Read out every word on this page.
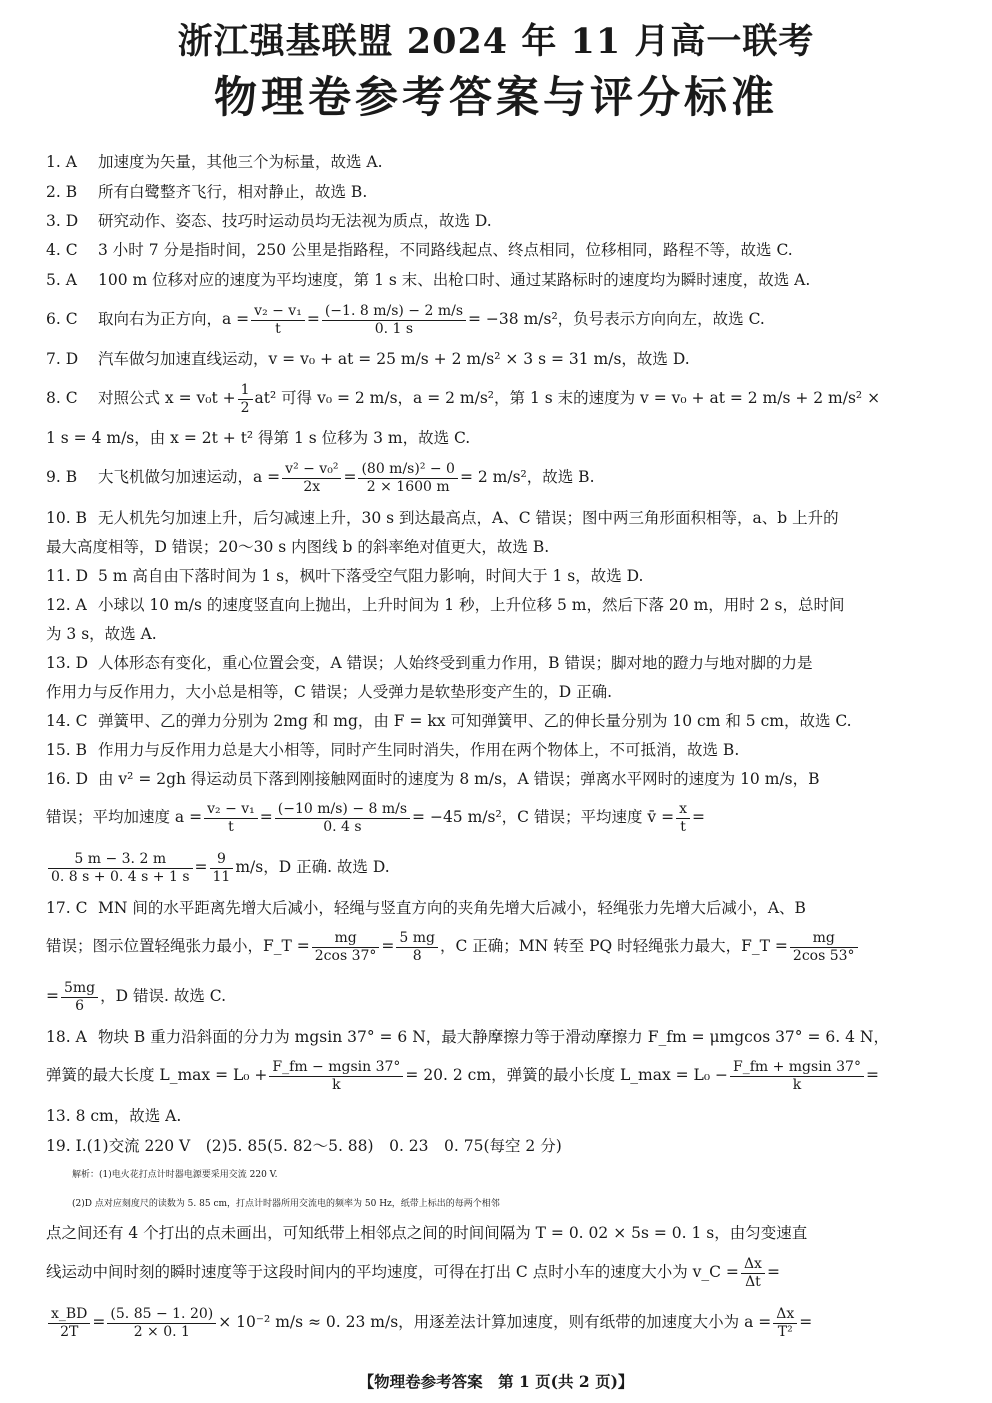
浙江强基联盟 2024 年 11 月高一联考
物理卷参考答案与评分标准
1. A 加速度为矢量，其他三个为标量，故选 A.
2. B 所有白鹭整齐飞行，相对静止，故选 B.
3. D 研究动作、姿态、技巧时运动员均无法视为质点，故选 D.
4. C 3 小时 7 分是指时间，250 公里是指路程，不同路线起点、终点相同，位移相同，路程不等，故选 C.
5. A 100 m 位移对应的速度为平均速度，第 1 s 末、出枪口时、通过某路标时的速度均为瞬时速度，故选 A.
6. C 取向右为正方向，$a = \frac{\text{v₂ − v₁}}{t} = \frac{(-1. 8 m/s) - 2 m/s}{0. 1 s} = -38$ m/s²，负号表示方向向左，故选 C.
7. D 汽车做匀加速直线运动，v = v₀ + at = 25 m/s + 2 m/s² × 3 s = 31 m/s，故选 D.
8. C 对照公式 $x = v_0t + \frac{1}{2} at^2$ 可得 v₀ = 2 m/s，a = 2 m/s²，第 1 s 末的速度为 v = v₀ + at = 2 m/s + 2 m/s² ×
1 s = 4 m/s，由 x = 2t + t² 得第 1 s 位移为 3 m，故选 C.
9. B 大飞机做匀加速运动，$a = \frac{\text{v² − v₀²}}{2x} = \frac{\text{(80 m/s)² − 0}}{2 \times 1600 m} = 2$ m/s²，故选 B.
10. B 无人机先匀加速上升，后匀减速上升，30 s 到达最高点，A、C 错误；图中两三角形面积相等，a、b 上升的
最大高度相等，D 错误；20～30 s 内图线 b 的斜率绝对值更大，故选 B.
11. D 5 m 高自由下落时间为 1 s，枫叶下落受空气阻力影响，时间大于 1 s，故选 D.
12. A 小球以 10 m/s 的速度竖直向上抛出，上升时间为 1 秒，上升位移 5 m，然后下落 20 m，用时 2 s，总时间
为 3 s，故选 A.
13. D 人体形态有变化，重心位置会变，A 错误；人始终受到重力作用，B 错误；脚对地的蹬力与地对脚的力是
作用力与反作用力，大小总是相等，C 错误；人受弹力是软垫形变产生的，D 正确.
14. C 弹簧甲、乙的弹力分别为 2mg 和 mg，由 F = kx 可知弹簧甲、乙的伸长量分别为 10 cm 和 5 cm，故选 C.
15. B 作用力与反作用力总是大小相等，同时产生同时消失，作用在两个物体上，不可抵消，故选 B.
16. D 由 v² = 2gh 得运动员下落到刚接触网面时的速度为 8 m/s，A 错误；弹离水平网时的速度为 10 m/s，B
错误；平均加速度 $a = \frac{\text{v₂ − v₁}}{t} = \frac{(-10 m/s) - 8 m/s}{0. 4 s} = -45$ m/s²，C 错误；平均速度 v̄ = $\frac{x}{t}$ =
$\frac{5 m - 3. 2 m}{0. 8 s + 0. 4 s + 1 s} = \frac{9}{11} m/s$，D 正确. 故选 D.
17. C MN 间的水平距离先增大后减小，轻绳与竖直方向的夹角先增大后减小，轻绳张力先增大后减小，A、B
错误；图示位置轻绳张力最小，F_T = $\frac{mg}{2\cos 37^\circ} = \frac{5 mg}{8}$ ，C 正确；MN 转至 PQ 时轻绳张力最大，F_T = $\frac{mg}{2\cos 53^\circ}$
= $\frac{5mg}{6}$ ，D 错误. 故选 C.
18. A 物块 B 重力沿斜面的分力为 mgsin 37° = 6 N，最大静摩擦力等于滑动摩擦力 F_fm = μmgcos 37° = 6. 4 N，
弹簧的最大长度 L_max = $L_0 + \frac{F\_fm - mgsin 37^\circ}{k} = 20$. 2 cm，弹簧的最小长度 L_max = $L_0 - \frac{F\_fm + mgsin 37^\circ}{k}$ =
13. 8 cm，故选 A.
19. Ⅰ.(1)交流 220 V　(2)5. 85(5. 82～5. 88)　0. 23　0. 75(每空 2 分)
解析：(1)电火花打点计时器电源要采用交流 220 V.
(2)D 点对应刻度尺的读数为 5. 85 cm，打点计时器所用交流电的频率为 50 Hz，纸带上标出的每两个相邻
点之间还有 4 个打出的点未画出，可知纸带上相邻点之间的时间间隔为 T = 0. 02 × 5s = 0. 1 s，由匀变速直
线运动中间时刻的瞬时速度等于这段时间内的平均速度，可得在打出 C 点时小车的速度大小为 v_C = $\frac{\Delta x}{\Delta t}$ =
$\frac{x\_BD}{2T} = \frac{(5. 85 - 1. 20)}{2 \times 0. 1} \times 10^{-2}$ m/s ≈ 0. 23 m/s，用逐差法计算加速度，则有纸带的加速度大小为 $a = \frac{\Delta x}{\text{T²}}$ =
【物理卷参考答案　第 1 页(共 2 页)】
